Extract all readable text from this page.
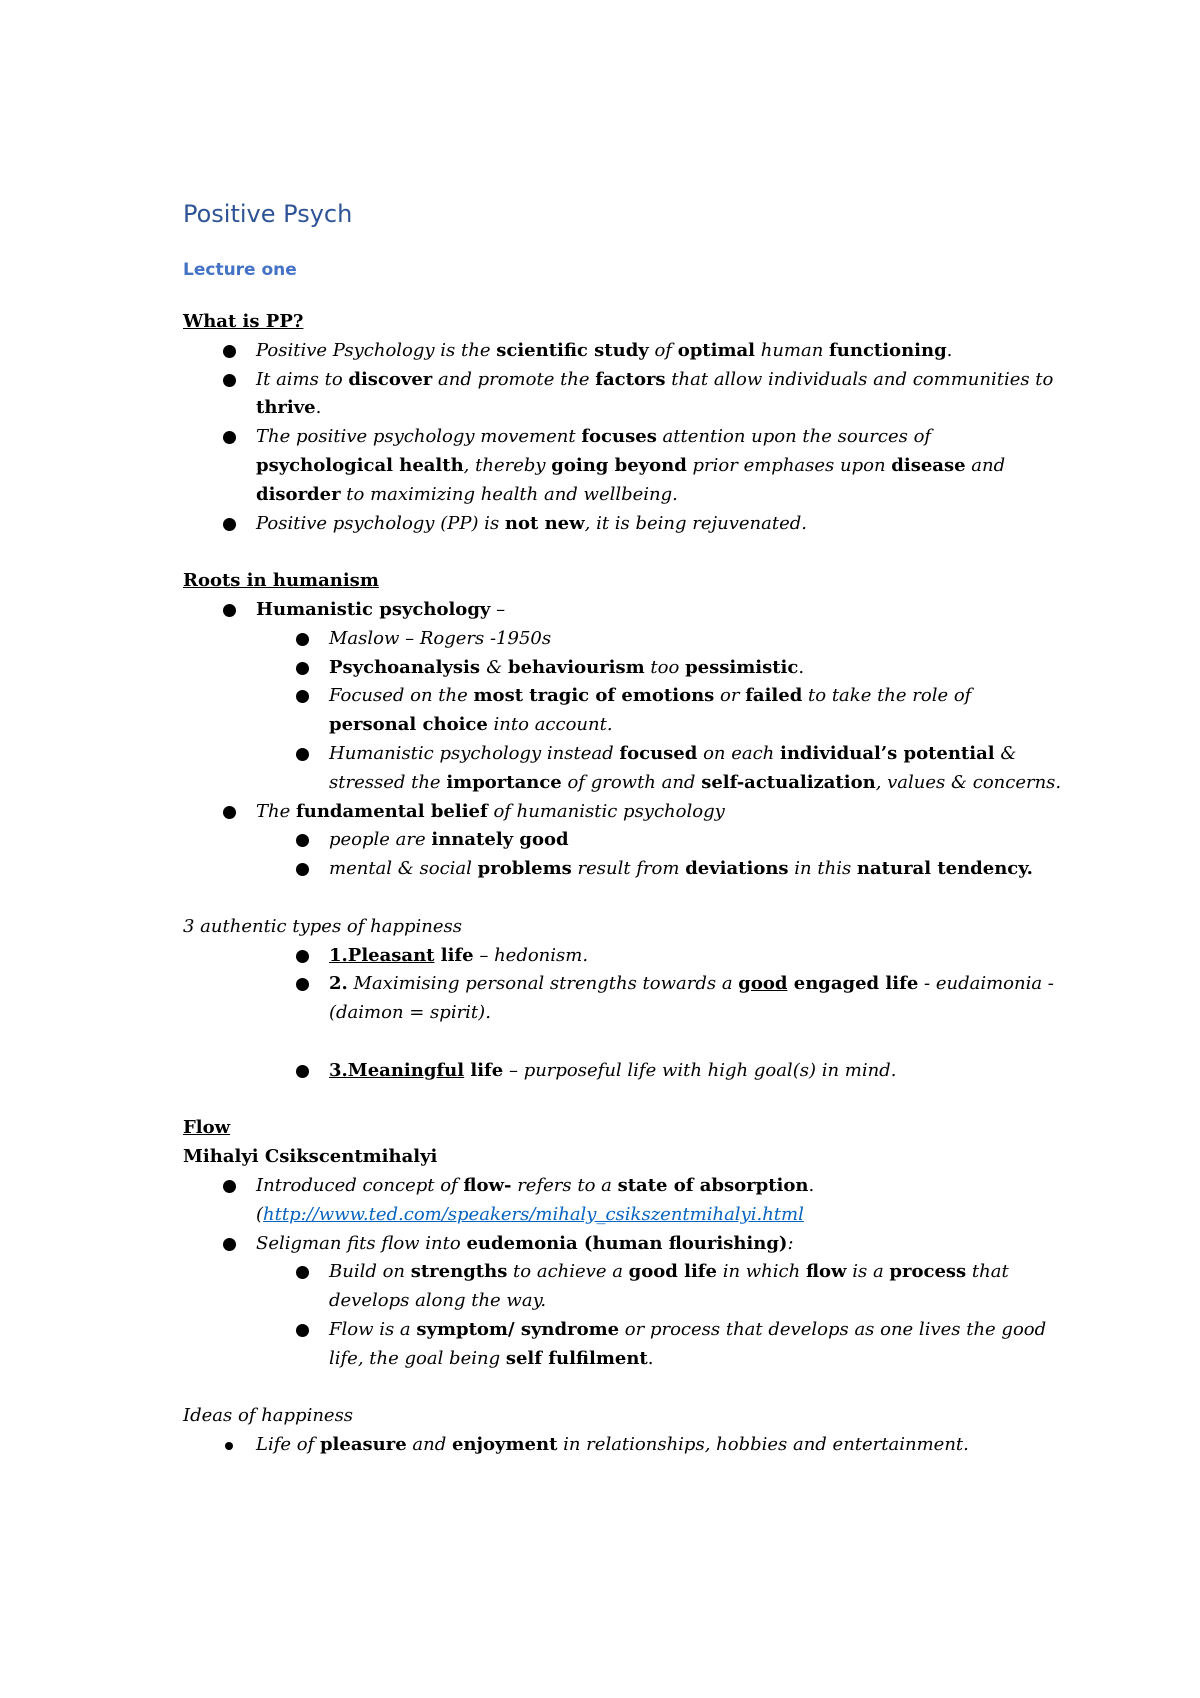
Positive Psych
Lecture one

What is PP?

Positive Psychology is the scientific study of optimal human functioning.
It aims to discover and promote the factors that allow individuals and communities to thrive.
The positive psychology movement focuses attention upon the sources of psychological health, thereby going beyond prior emphases upon disease and disorder to maximizing health and wellbeing.
Positive psychology (PP) is not new, it is being rejuvenated.

Roots in humanism

Humanistic psychology –
Maslow – Rogers -1950s
Psychoanalysis & behaviourism too pessimistic.
Focused on the most tragic of emotions or failed to take the role of personal choice into account.
Humanistic psychology instead focused on each individual’s potential & stressed the importance of growth and self-actualization, values & concerns.
The fundamental belief of humanistic psychology
people are innately good
mental & social problems result from deviations in this natural tendency.

3 authentic types of happiness

1.Pleasant life – hedonism.
2. Maximising personal strengths towards a good engaged life - eudaimonia - (daimon = spirit).
3.Meaningful life – purposeful life with high goal(s) in mind.

Flow

Mihalyi Csikscentmihalyi

Introduced concept of flow- refers to a state of absorption.
(http://www.ted.com/speakers/mihaly_csikszentmihalyi.html
Seligman fits flow into eudemonia (human flourishing):
Build on strengths to achieve a good life in which flow is a process that develops along the way.
Flow is a symptom/ syndrome or process that develops as one lives the good life, the goal being self fulfilment.

Ideas of happiness

Life of pleasure and enjoyment in relationships, hobbies and entertainment.
